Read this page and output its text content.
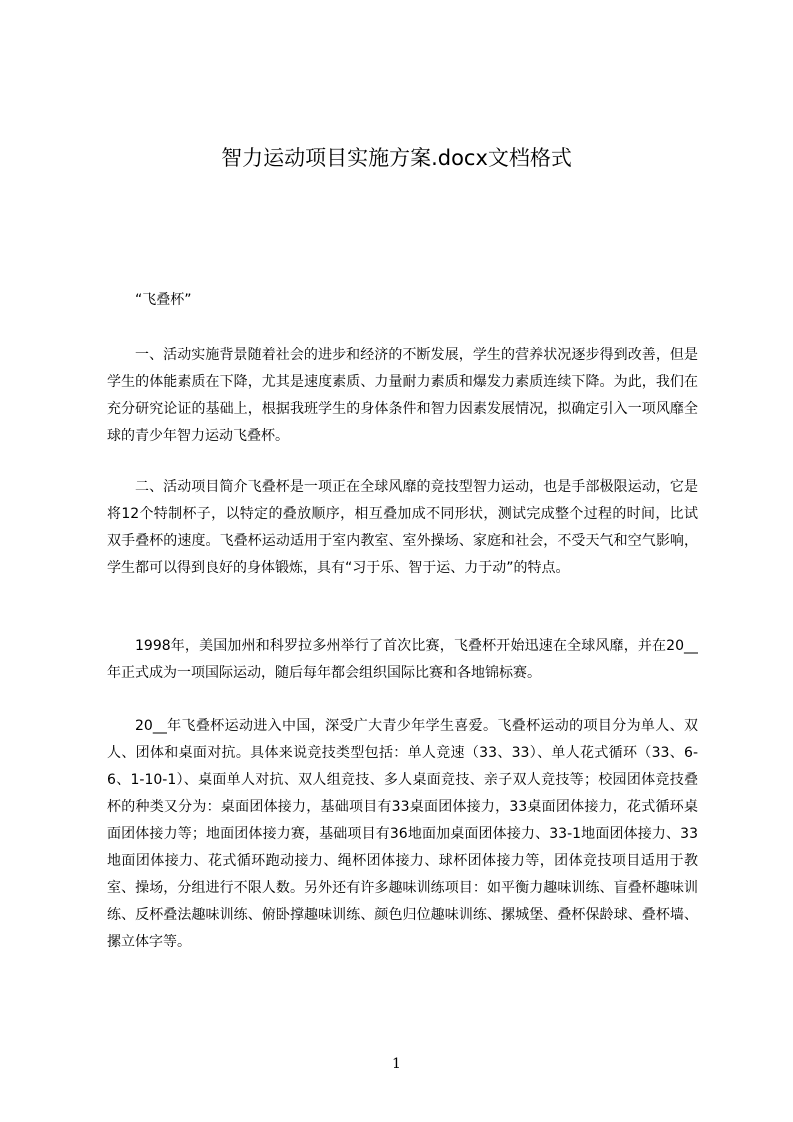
智力运动项目实施方案.docx文档格式

“飞叠杯”

一、活动实施背景随着社会的进步和经济的不断发展，学生的营养状况逐步得到改善，但是学生的体能素质在下降，尤其是速度素质、力量耐力素质和爆发力素质连续下降。为此，我们在充分研究论证的基础上，根据我班学生的身体条件和智力因素发展情况，拟确定引入一项风靡全球的青少年智力运动飞叠杯。

二、活动项目简介飞叠杯是一项正在全球风靡的竞技型智力运动，也是手部极限运动，它是将12个特制杯子，以特定的叠放顺序，相互叠加成不同形状，测试完成整个过程的时间，比试双手叠杯的速度。飞叠杯运动适用于室内教室、室外操场、家庭和社会，不受天气和空气影响，学生都可以得到良好的身体锻炼，具有“习于乐、智于运、力于动”的特点。

1998年，美国加州和科罗拉多州举行了首次比赛，飞叠杯开始迅速在全球风靡，并在20__年正式成为一项国际运动，随后每年都会组织国际比赛和各地锦标赛。

20__年飞叠杯运动进入中国，深受广大青少年学生喜爱。飞叠杯运动的项目分为单人、双人、团体和桌面对抗。具体来说竞技类型包括：单人竞速（33、33）、单人花式循环（33、6-6、1-10-1）、桌面单人对抗、双人组竞技、多人桌面竞技、亲子双人竞技等；校园团体竞技叠杯的种类又分为：桌面团体接力，基础项目有33桌面团体接力，33桌面团体接力，花式循环桌面团体接力等；地面团体接力赛，基础项目有36地面加桌面团体接力、33-1地面团体接力、33地面团体接力、花式循环跑动接力、绳杯团体接力、球杯团体接力等，团体竞技项目适用于教室、操场，分组进行不限人数。另外还有许多趣味训练项目：如平衡力趣味训练、盲叠杯趣味训练、反杯叠法趣味训练、俯卧撑趣味训练、颜色归位趣味训练、摞城堡、叠杯保龄球、叠杯墙、摞立体字等。

1
